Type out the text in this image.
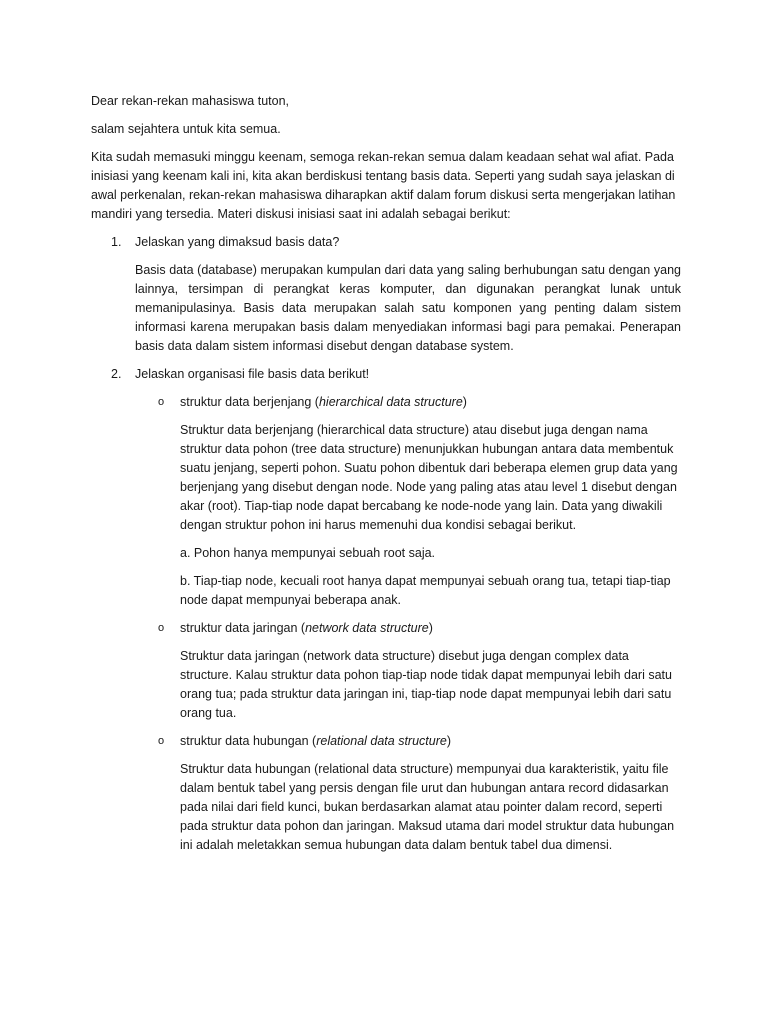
Dear rekan-rekan mahasiswa tuton,

salam sejahtera untuk kita semua.

Kita sudah memasuki minggu keenam, semoga rekan-rekan semua dalam keadaan sehat wal afiat. Pada inisiasi yang keenam kali ini, kita akan berdiskusi tentang basis data. Seperti yang sudah saya jelaskan di awal perkenalan, rekan-rekan mahasiswa diharapkan aktif dalam forum diskusi serta mengerjakan latihan mandiri yang tersedia. Materi diskusi inisiasi saat ini adalah sebagai berikut:

1. Jelaskan yang dimaksud basis data?

Basis data (database) merupakan kumpulan dari data yang saling berhubungan satu dengan yang lainnya, tersimpan di perangkat keras komputer, dan digunakan perangkat lunak untuk memanipulasinya. Basis data merupakan salah satu komponen yang penting dalam sistem informasi karena merupakan basis dalam menyediakan informasi bagi para pemakai. Penerapan basis data dalam sistem informasi disebut dengan database system.

2. Jelaskan organisasi file basis data berikut!
o struktur data berjenjang (hierarchical data structure)

Struktur data berjenjang (hierarchical data structure) atau disebut juga dengan nama struktur data pohon (tree data structure) menunjukkan hubungan antara data membentuk suatu jenjang, seperti pohon. Suatu pohon dibentuk dari beberapa elemen grup data yang berjenjang yang disebut dengan node. Node yang paling atas atau level 1 disebut dengan akar (root). Tiap-tiap node dapat bercabang ke node-node yang lain. Data yang diwakili dengan struktur pohon ini harus memenuhi dua kondisi sebagai berikut.

a. Pohon hanya mempunyai sebuah root saja.

b. Tiap-tiap node, kecuali root hanya dapat mempunyai sebuah orang tua, tetapi tiap-tiap node dapat mempunyai beberapa anak.

o struktur data jaringan (network data structure)

Struktur data jaringan (network data structure) disebut juga dengan complex data structure. Kalau struktur data pohon tiap-tiap node tidak dapat mempunyai lebih dari satu orang tua; pada struktur data jaringan ini, tiap-tiap node dapat mempunyai lebih dari satu orang tua.

o struktur data hubungan (relational data structure)

Struktur data hubungan (relational data structure) mempunyai dua karakteristik, yaitu file dalam bentuk tabel yang persis dengan file urut dan hubungan antara record didasarkan pada nilai dari field kunci, bukan berdasarkan alamat atau pointer dalam record, seperti pada struktur data pohon dan jaringan. Maksud utama dari model struktur data hubungan ini adalah meletakkan semua hubungan data dalam bentuk tabel dua dimensi.
